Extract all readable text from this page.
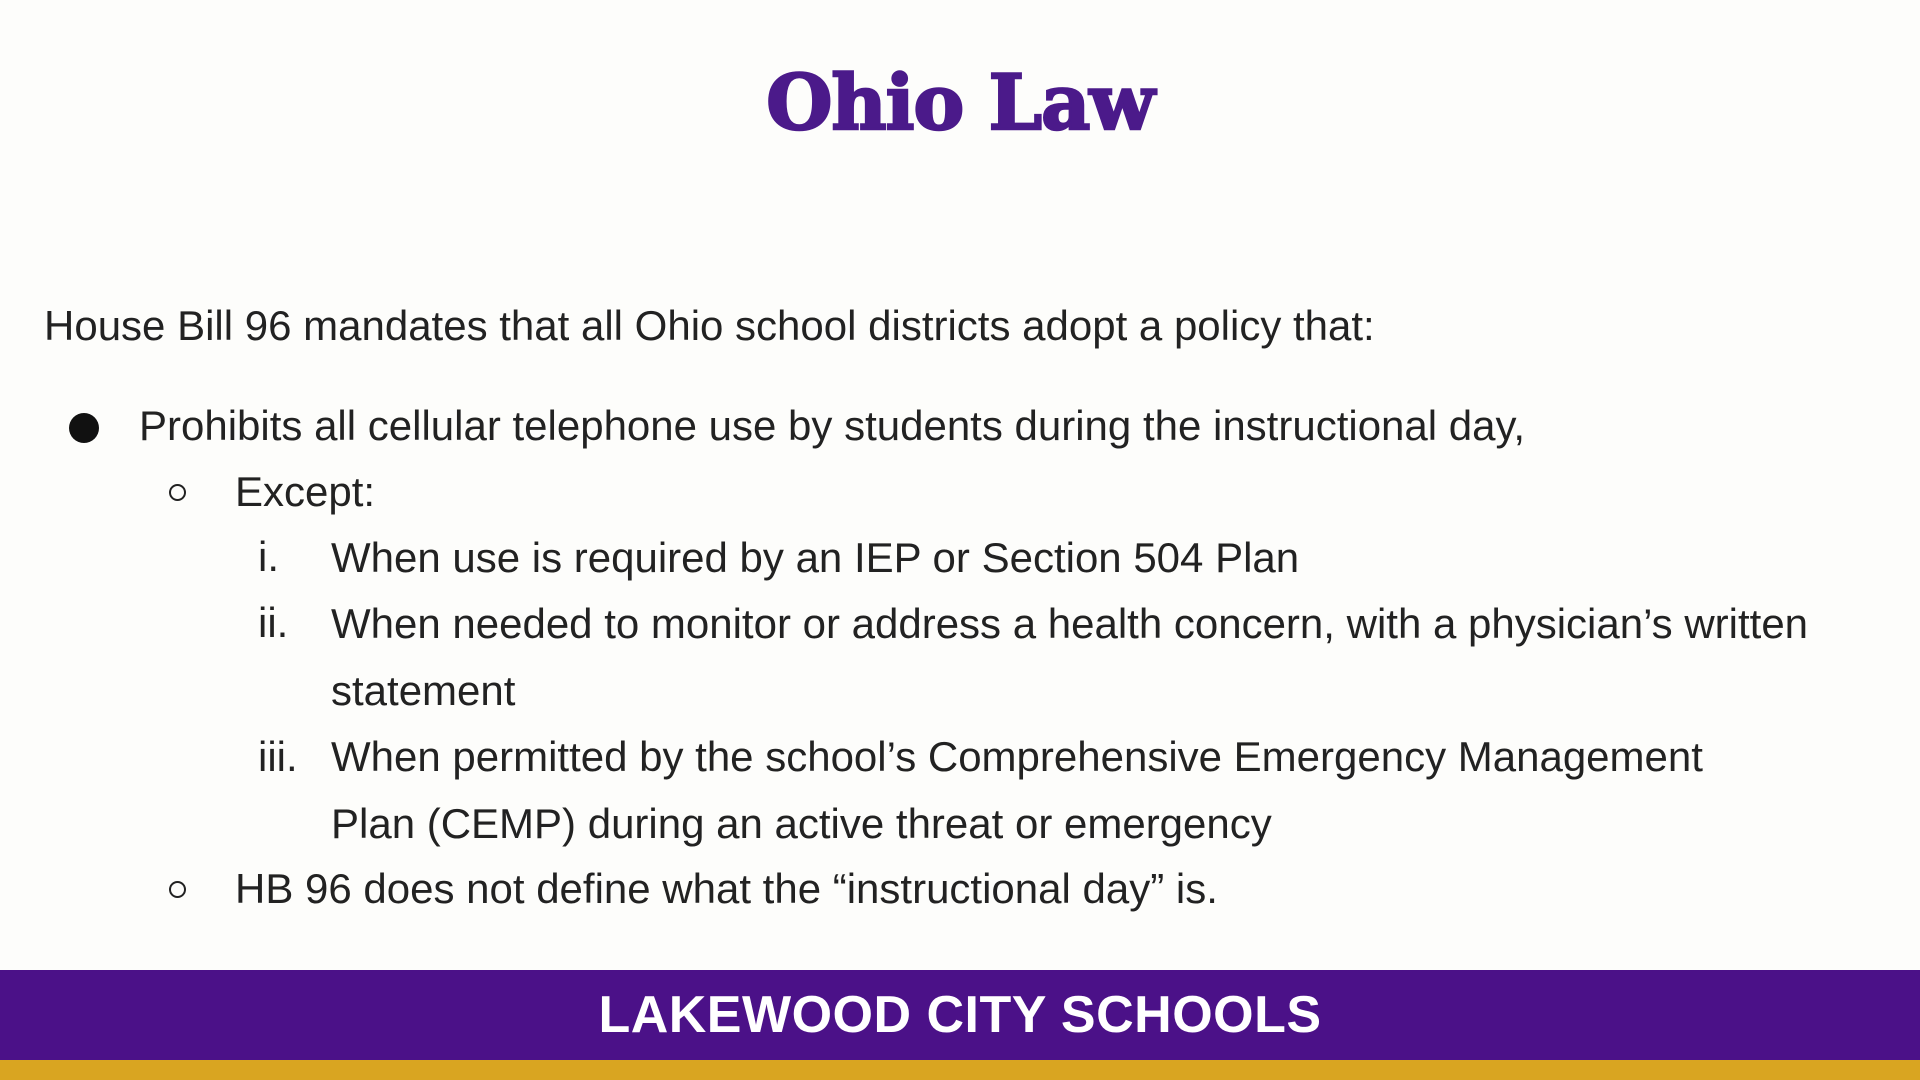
Ohio Law
House Bill 96 mandates that all Ohio school districts adopt a policy that:
Prohibits all cellular telephone use by students during the instructional day,
Except:
i. When use is required by an IEP or Section 504 Plan
ii. When needed to monitor or address a health concern, with a physician’s written statement
iii. When permitted by the school’s Comprehensive Emergency Management Plan (CEMP) during an active threat or emergency
HB 96 does not define what the “instructional day” is.
LAKEWOOD CITY SCHOOLS
